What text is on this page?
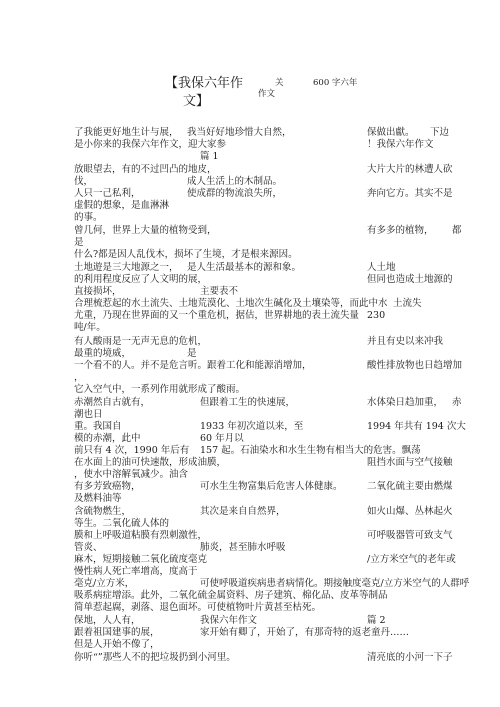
【我保六年作
文】
关
作文
600 字六年
了我能更好地生计与展， 我当好好地珍惜大自然，	保做出獻。 下边
是小你来的我保六年作文，迎大家参	！我保六年作文
篇 1
放眼望去，有的不过凹凸的地皮，	大片大片的林遭人砍
伐，	成人生活上的木制品。
人只一己私利，	使成群的物流浪失所，	奔向它方。其实不是
虚假的想象，是血淋淋
的事。
曾几何，世界上大量的植物受到，	有多多的植物， 都
是
什么?都是因人乱伐木，损坏了生境，才是根来源因。
土地遊是三大地源之一， 是人生活最基本的源和象。	人土地
的利用程度反应了人文明的展，	但同也造成土地源的
直接损坏，	主要表不
合理梳惹起的水土流失、土地荒漠化、土地次生碱化及土壤染等，而此中水 土流失
尤重，乃现在世界面的又一个重危机，据估，世界耕地的表土流失量 230
吨/年。
有人酸雨是一无声无息的危机，	并且有史以来冲我
最重的境威，	是
一个看不的人。并不是危言听。跟着工化和能源消增加，	酸性排放物也日趋增加
，
它入空气中，一系列作用就形成了酸雨。
赤潮然自古就有，	但跟着工生的快速展，	水体染日趋加重， 赤
潮也日
重。我国自	1933 年初次道以来，至	1994 年共有 194 次大
模的赤潮，此中	60 年月以
前只有 4 次，1990 年后有 157 起。石油染水和水生生物有相当大的危害。飘荡
在水面上的油可快速散，形成油膜，	阻挡水面与空气接触
，使水中溶解氧减少。油含
有多芳致癌物，	可水生生物富集后危害人体健康。	二氧化硫主要由燃煤
及燃料油等
含硫物燃生，	其次是来自自然界，	如火山爆、丛林起火
等生。二氧化硫人体的
膜和上呼吸道粘膜有烈刺激性，	可呼吸器管可致支气
管炎、	肺炎，甚至肺水呼吸
麻木，短期接触二氧化硫度毫克	/立方米空气的老年或
慢性病人死亡率增高，度高于
毫克/立方米，	可使呼吸道疾病患者病情化。期接触度毫克/立方米空气的人群呼
吸系病症增添。此外，二氧化硫金属资料、房子建筑、棉化品、皮革等制品
简单惹起腐，剥落、退色面坏。可使植物叶片黄甚至枯死。
保地，人人有，	我保六年作文	篇 2
跟着祖国建事的展，	家开始有卿了，开始了，有那奇特的返老童丹……
但是人开始不像了，
你听“”那些人不的把垃圾扔到小河里。	清亮底的小河一下子
